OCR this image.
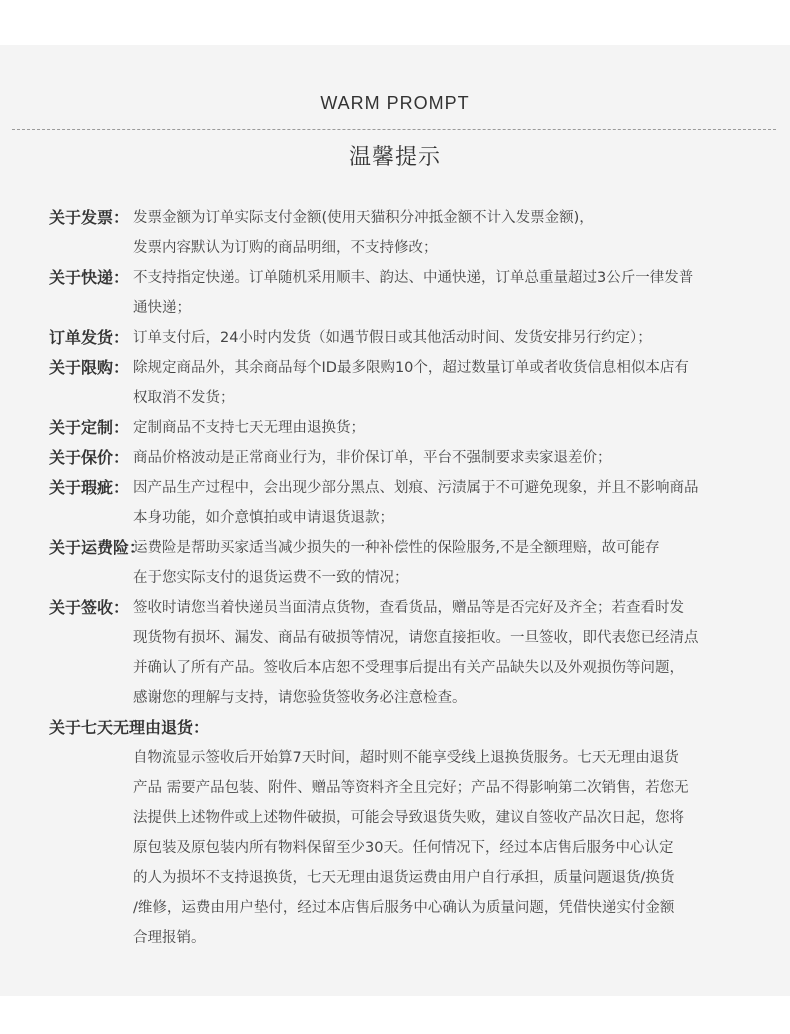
WARM PROMPT
温馨提示
关于发票： 发票金额为订单实际支付金额(使用天猫积分冲抵金额不计入发票金额)，
发票内容默认为订购的商品明细，不支持修改；
关于快递： 不支持指定快递。订单随机采用顺丰、韵达、中通快递，订单总重量超过3公斤一律发普
通快递；
订单发货： 订单支付后，24小时内发货（如遇节假日或其他活动时间、发货安排另行约定）；
关于限购： 除规定商品外，其余商品每个ID最多限购10个，超过数量订单或者收货信息相似本店有
权取消不发货；
关于定制： 定制商品不支持七天无理由退换货；
关于保价： 商品价格波动是正常商业行为，非价保订单，平台不强制要求卖家退差价；
关于瑕疵： 因产品生产过程中，会出现少部分黑点、划痕、污渍属于不可避免现象，并且不影响商品
本身功能，如介意慎拍或申请退货退款；
关于运费险：
运费险是帮助买家适当减少损失的一种补偿性的保险服务,不是全额理赔，故可能存
在于您实际支付的退货运费不一致的情况；
关于签收： 签收时请您当着快递员当面清点货物，查看货品，赠品等是否完好及齐全；若查看时发
现货物有损坏、漏发、商品有破损等情况，请您直接拒收。一旦签收，即代表您已经清点
并确认了所有产品。签收后本店恕不受理事后提出有关产品缺失以及外观损伤等问题，
感谢您的理解与支持，请您验货签收务必注意检查。
关于七天无理由退货：
自物流显示签收后开始算7天时间，超时则不能享受线上退换货服务。七天无理由退货
产品 需要产品包装、附件、赠品等资料齐全且完好；产品不得影响第二次销售，若您无
法提供上述物件或上述物件破损，可能会导致退货失败，建议自签收产品次日起，您将
原包装及原包装内所有物料保留至少30天。任何情况下，经过本店售后服务中心认定
的人为损坏不支持退换货，七天无理由退货运费由用户自行承担，质量问题退货/换货
/维修，运费由用户垫付，经过本店售后服务中心确认为质量问题，凭借快递实付金额
合理报销。
